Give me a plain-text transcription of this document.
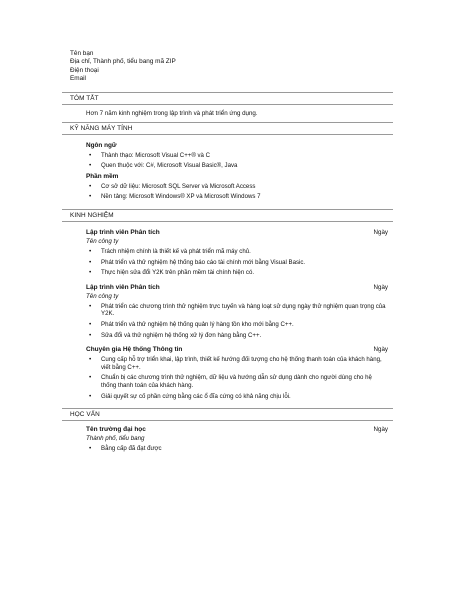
Tên bạn
Địa chỉ, Thành phố, tiểu bang mã ZIP
Điện thoại
Email
TÓM TẮT
Hơn 7 năm kinh nghiệm trong lập trình và phát triển ứng dụng.
KỸ NĂNG MÁY TÍNH
Ngôn ngữ
• Thành thạo: Microsoft Visual C++® và C
• Quen thuộc với: C#, Microsoft Visual Basic®, Java
Phần mềm
• Cơ sở dữ liệu: Microsoft SQL Server và Microsoft Access
• Nền tảng: Microsoft Windows® XP và Microsoft Windows 7
KINH NGHIỆM
Lập trình viên Phân tích	Ngày
Tên công ty
• Trách nhiệm chính là thiết kế và phát triển mã máy chủ.
• Phát triển và thử nghiệm hệ thống báo cáo tài chính mới bằng Visual Basic.
• Thực hiện sửa đổi Y2K trên phần mềm tài chính hiện có.
Lập trình viên Phân tích	Ngày
Tên công ty
• Phát triển các chương trình thử nghiệm trực tuyến và hàng loạt sử dụng ngày thử nghiệm quan trọng của Y2K.
• Phát triển và thử nghiệm hệ thống quản lý hàng tồn kho mới bằng C++.
• Sửa đổi và thử nghiệm hệ thống xử lý đơn hàng bằng C++.
Chuyên gia Hệ thống Thông tin	Ngày
• Cung cấp hỗ trợ triển khai, lập trình, thiết kế hướng đối tượng cho hệ thống thanh toán của khách hàng, viết bằng C++.
• Chuẩn bị các chương trình thử nghiệm, dữ liệu và hướng dẫn sử dụng dành cho người dùng cho hệ thống thanh toán của khách hàng.
• Giải quyết sự cố phần cứng bằng các ổ đĩa cứng có khả năng chịu lỗi.
HỌC VẤN
Tên trường đại học	Ngày
Thành phố, tiểu bang
• Bằng cấp đã đạt được
